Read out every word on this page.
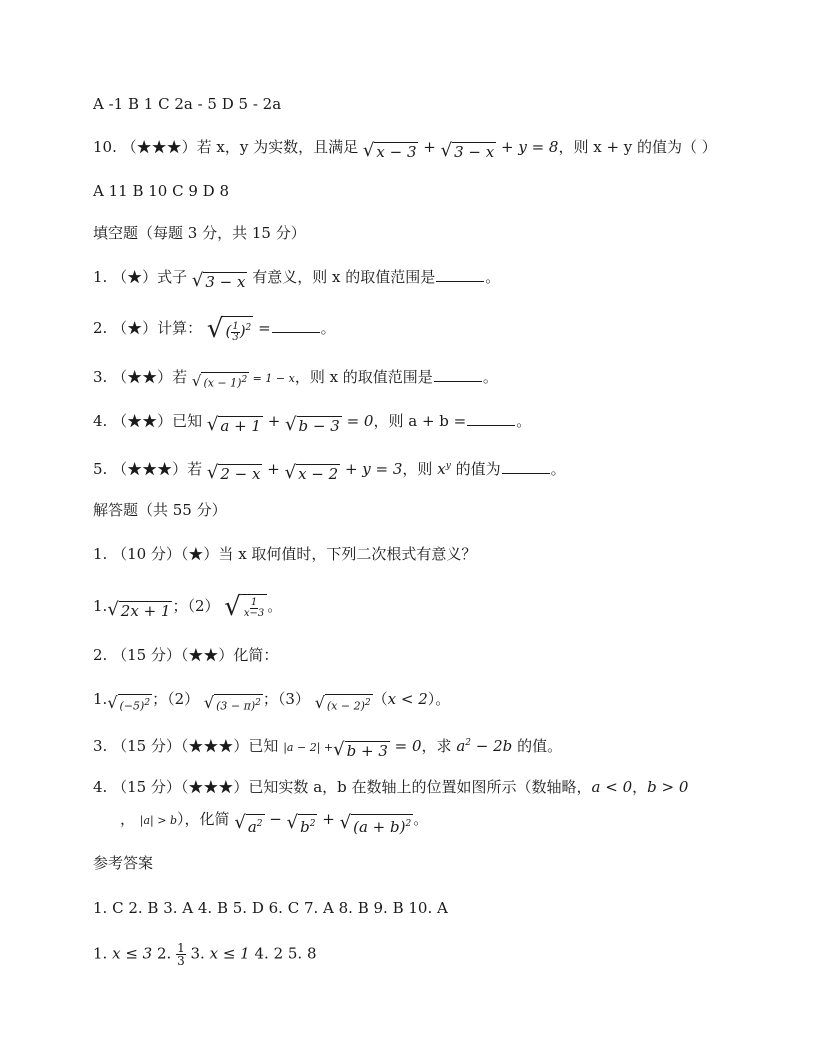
A -1 B 1 C 2a - 5 D 5 - 2a
10. （★★★）若 x，y 为实数，且满足 √ x − 3 + √ 3 − x + y = 8，则 x + y 的值为（ ）
A 11 B 10 C 9 D 8
填空题（每题 3 分，共 15 分）
1. （★）式子 √ 3 − x 有意义，则 x 的取值范围是	。
2. （★）计算： √ ( $\frac{1}{3} )^2$ =	。
3. （★★）若 √ $(x - 1)^2 = 1 - x$，则 x 的取值范围是	。
4. （★★）已知 √ a + 1 + √ b − 3 = 0，则 a + b =	。
5. （★★★）若 √ 2 − x + √ x − 2 + y = 3，则 $x^y$ 的值为	。
解答题（共 55 分）
1. （10 分）（★）当 x 取何值时，下列二次根式有意义？
1. √ 2x + 1 ；（2） √ $\frac{1}{x-3}$ 。
2. （15 分）（★★）化简：
1. √ $(-5)^2$ ；（2） √ $(3 - \pi)^2$ ；（3） √ $(x - 2)^2$ （x < 2）。
3. （15 分）（★★★）已知 |a − 2| + √ b + 3 = 0，求 $a^2 - 2b$ 的值。
4. （15 分）（★★★）已知实数 a，b 在数轴上的位置如图所示（数轴略，a < 0，b > 0
， |a| > b），化简 √ $a^2$ − √ $b^2$ + √ $(a + b)^2$ 。
参考答案
1. C 2. B 3. A 4. B 5. D 6. C 7. A 8. B 9. B 10. A
1. x ≤ 3 2. $\frac{1}{3} 3$. x ≤ 1 4. 2 5. 8
